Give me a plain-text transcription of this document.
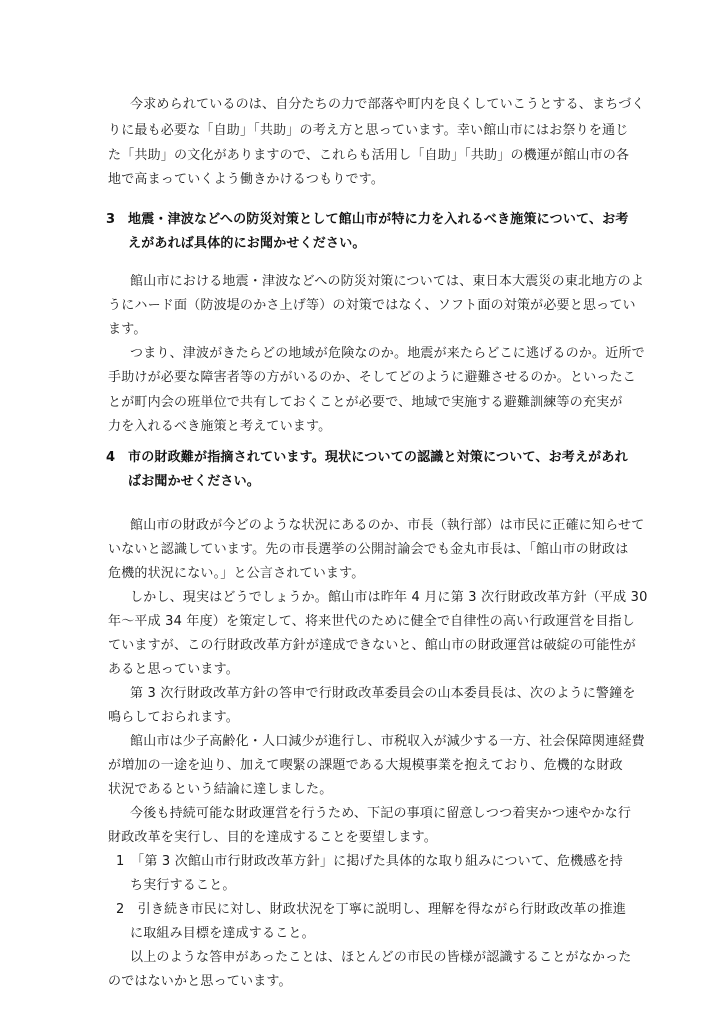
今求められているのは、自分たちの力で部落や町内を良くしていこうとする、まちづく
りに最も必要な「自助」「共助」の考え方と思っています。幸い館山市にはお祭りを通じ
た「共助」の文化がありますので、これらも活用し「自助」「共助」の機運が館山市の各
地で高まっていくよう働きかけるつもりです。
3 地震・津波などへの防災対策として館山市が特に力を入れるべき施策について、お考
えがあれば具体的にお聞かせください。
館山市における地震・津波などへの防災対策については、東日本大震災の東北地方のよ
うにハード面（防波堤のかさ上げ等）の対策ではなく、ソフト面の対策が必要と思ってい
ます。
つまり、津波がきたらどの地域が危険なのか。地震が来たらどこに逃げるのか。近所で
手助けが必要な障害者等の方がいるのか、そしてどのように避難させるのか。といったこ
とが町内会の班単位で共有しておくことが必要で、地域で実施する避難訓練等の充実が
力を入れるべき施策と考えています。
4 市の財政難が指摘されています。現状についての認識と対策について、お考えがあれ
ばお聞かせください。
館山市の財政が今どのような状況にあるのか、市長（執行部）は市民に正確に知らせて
いないと認識しています。先の市長選挙の公開討論会でも金丸市長は、「館山市の財政は
危機的状況にない。」と公言されています。
しかし、現実はどうでしょうか。館山市は昨年 4 月に第 3 次行財政改革方針（平成 30
年〜平成 34 年度）を策定して、将来世代のために健全で自律性の高い行政運営を目指し
ていますが、この行財政改革方針が達成できないと、館山市の財政運営は破綻の可能性が
あると思っています。
第 3 次行財政改革方針の答申で行財政改革委員会の山本委員長は、次のように警鐘を
鳴らしておられます。
館山市は少子高齢化・人口減少が進行し、市税収入が減少する一方、社会保障関連経費
が増加の一途を辿り、加えて喫緊の課題である大規模事業を抱えており、危機的な財政
状況であるという結論に達しました。
今後も持続可能な財政運営を行うため、下記の事項に留意しつつ着実かつ速やかな行
財政改革を実行し、目的を達成することを要望します。
1　「第 3 次館山市行財政改革方針」に掲げた具体的な取り組みについて、危機感を持
ち実行すること。
2　引き続き市民に対し、財政状況を丁寧に説明し、理解を得ながら行財政改革の推進
に取組み目標を達成すること。
以上のような答申があったことは、ほとんどの市民の皆様が認識することがなかった
のではないかと思っています。
